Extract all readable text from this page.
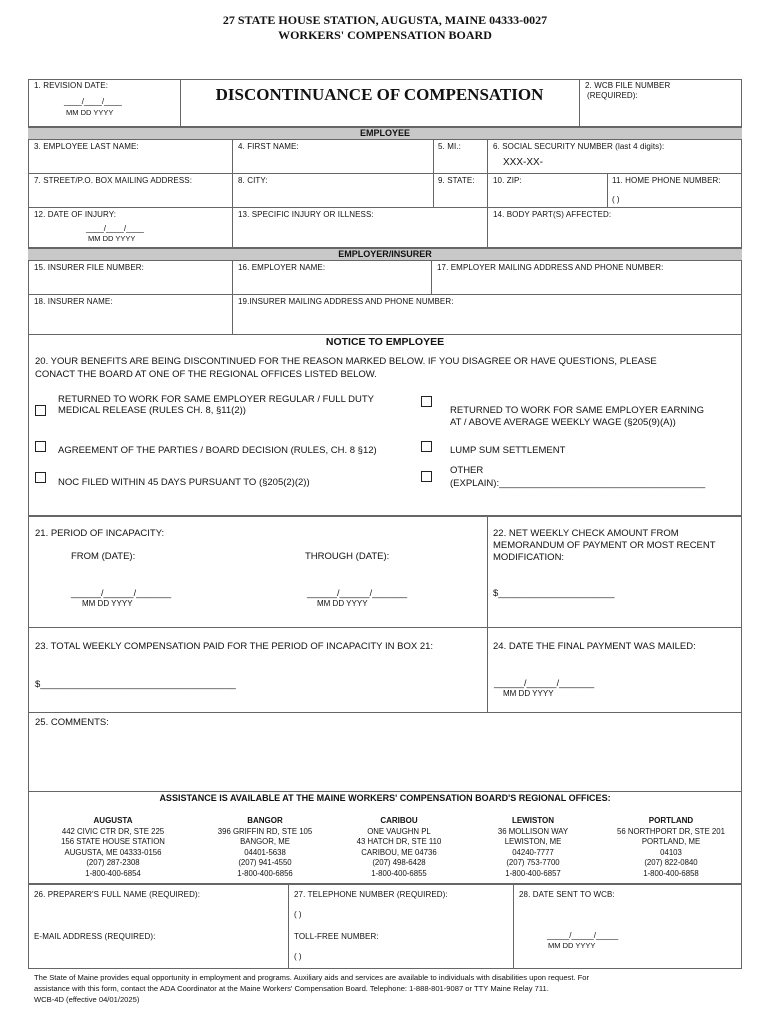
27 STATE HOUSE STATION, AUGUSTA, MAINE 04333-0027
WORKERS' COMPENSATION BOARD
1. REVISION DATE:
____/____/____
MM DD YYYY
DISCONTINUANCE OF COMPENSATION	2. WCB FILE NUMBER
(REQUIRED):
EMPLOYEE
3. EMPLOYEE LAST NAME:	4. FIRST NAME:	5. MI.:	6. SOCIAL SECURITY NUMBER (last 4 digits):
XXX-XX-
7. STREET/P.O. BOX MAILING ADDRESS:	8. CITY:	9. STATE: 10. ZIP:	11. HOME PHONE NUMBER:
( )
12. DATE OF INJURY:
____/____/____
MM DD YYYY
13. SPECIFIC INJURY OR ILLNESS:	14. BODY PART(S) AFFECTED:
EMPLOYER/INSURER
15. INSURER FILE NUMBER:	16. EMPLOYER NAME:	17. EMPLOYER MAILING ADDRESS AND PHONE NUMBER:
18. INSURER NAME:	19.INSURER MAILING ADDRESS AND PHONE NUMBER:
NOTICE TO EMPLOYEE
20. YOUR BENEFITS ARE BEING DISCONTINUED FOR THE REASON MARKED BELOW. IF YOU DISAGREE OR HAVE QUESTIONS, PLEASE
CONACT THE BOARD AT ONE OF THE REGIONAL OFFICES LISTED BELOW.
RETURNED TO WORK FOR SAME EMPLOYER REGULAR / FULL DUTY
MEDICAL RELEASE (RULES CH. 8, §11(2))	RETURNED TO WORK FOR SAME EMPLOYER EARNING
AT / ABOVE AVERAGE WEEKLY WAGE (§205(9)(A))
AGREEMENT OF THE PARTIES / BOARD DECISION (RULES, CH. 8 §12)	LUMP SUM SETTLEMENT
NOC FILED WITHIN 45 DAYS PURSUANT TO (§205(2)(2))
OTHER
(EXPLAIN):_______________________________________
21. PERIOD OF INCAPACITY:
FROM (DATE):	THROUGH (DATE):
______/______/_______
MM DD YYYY
______/______/_______
MM DD YYYY
22. NET WEEKLY CHECK AMOUNT FROM
MEMORANDUM OF PAYMENT OR MOST RECENT
MODIFICATION:
$______________________
23. TOTAL WEEKLY COMPENSATION PAID FOR THE PERIOD OF INCAPACITY IN BOX 21:
$_____________________________________
24. DATE THE FINAL PAYMENT WAS MAILED:
______/______/_______
MM DD YYYY
25. COMMENTS:
ASSISTANCE IS AVAILABLE AT THE MAINE WORKERS' COMPENSATION BOARD'S REGIONAL OFFICES:
AUGUSTA
442 CIVIC CTR DR, STE 225
156 STATE HOUSE STATION
AUGUSTA, ME 04333-0156
(207) 287-2308
1-800-400-6854
BANGOR
396 GRIFFIN RD, STE 105
BANGOR, ME
04401-5638
(207) 941-4550
1-800-400-6856
CARIBOU
ONE VAUGHN PL
43 HATCH DR, STE 110
CARIBOU, ME 04736
(207) 498-6428
1-800-400-6855
LEWISTON
36 MOLLISON WAY
LEWISTON, ME
04240-7777
(207) 753-7700
1-800-400-6857
PORTLAND
56 NORTHPORT DR, STE 201
PORTLAND, ME
04103
(207) 822-0840
1-800-400-6858
26. PREPARER'S FULL NAME (REQUIRED):
E-MAIL ADDRESS (REQUIRED):
27. TELEPHONE NUMBER (REQUIRED):
( )
TOLL-FREE NUMBER:
( )
28. DATE SENT TO WCB:
_____/_____/_____
MM DD YYYY
The State of Maine provides equal opportunity in employment and programs. Auxiliary aids and services are available to individuals with disabilities upon request. For
assistance with this form, contact the ADA Coordinator at the Maine Workers' Compensation Board. Telephone: 1-888-801-9087 or TTY Maine Relay 711.
WCB-4D (effective 04/01/2025)
